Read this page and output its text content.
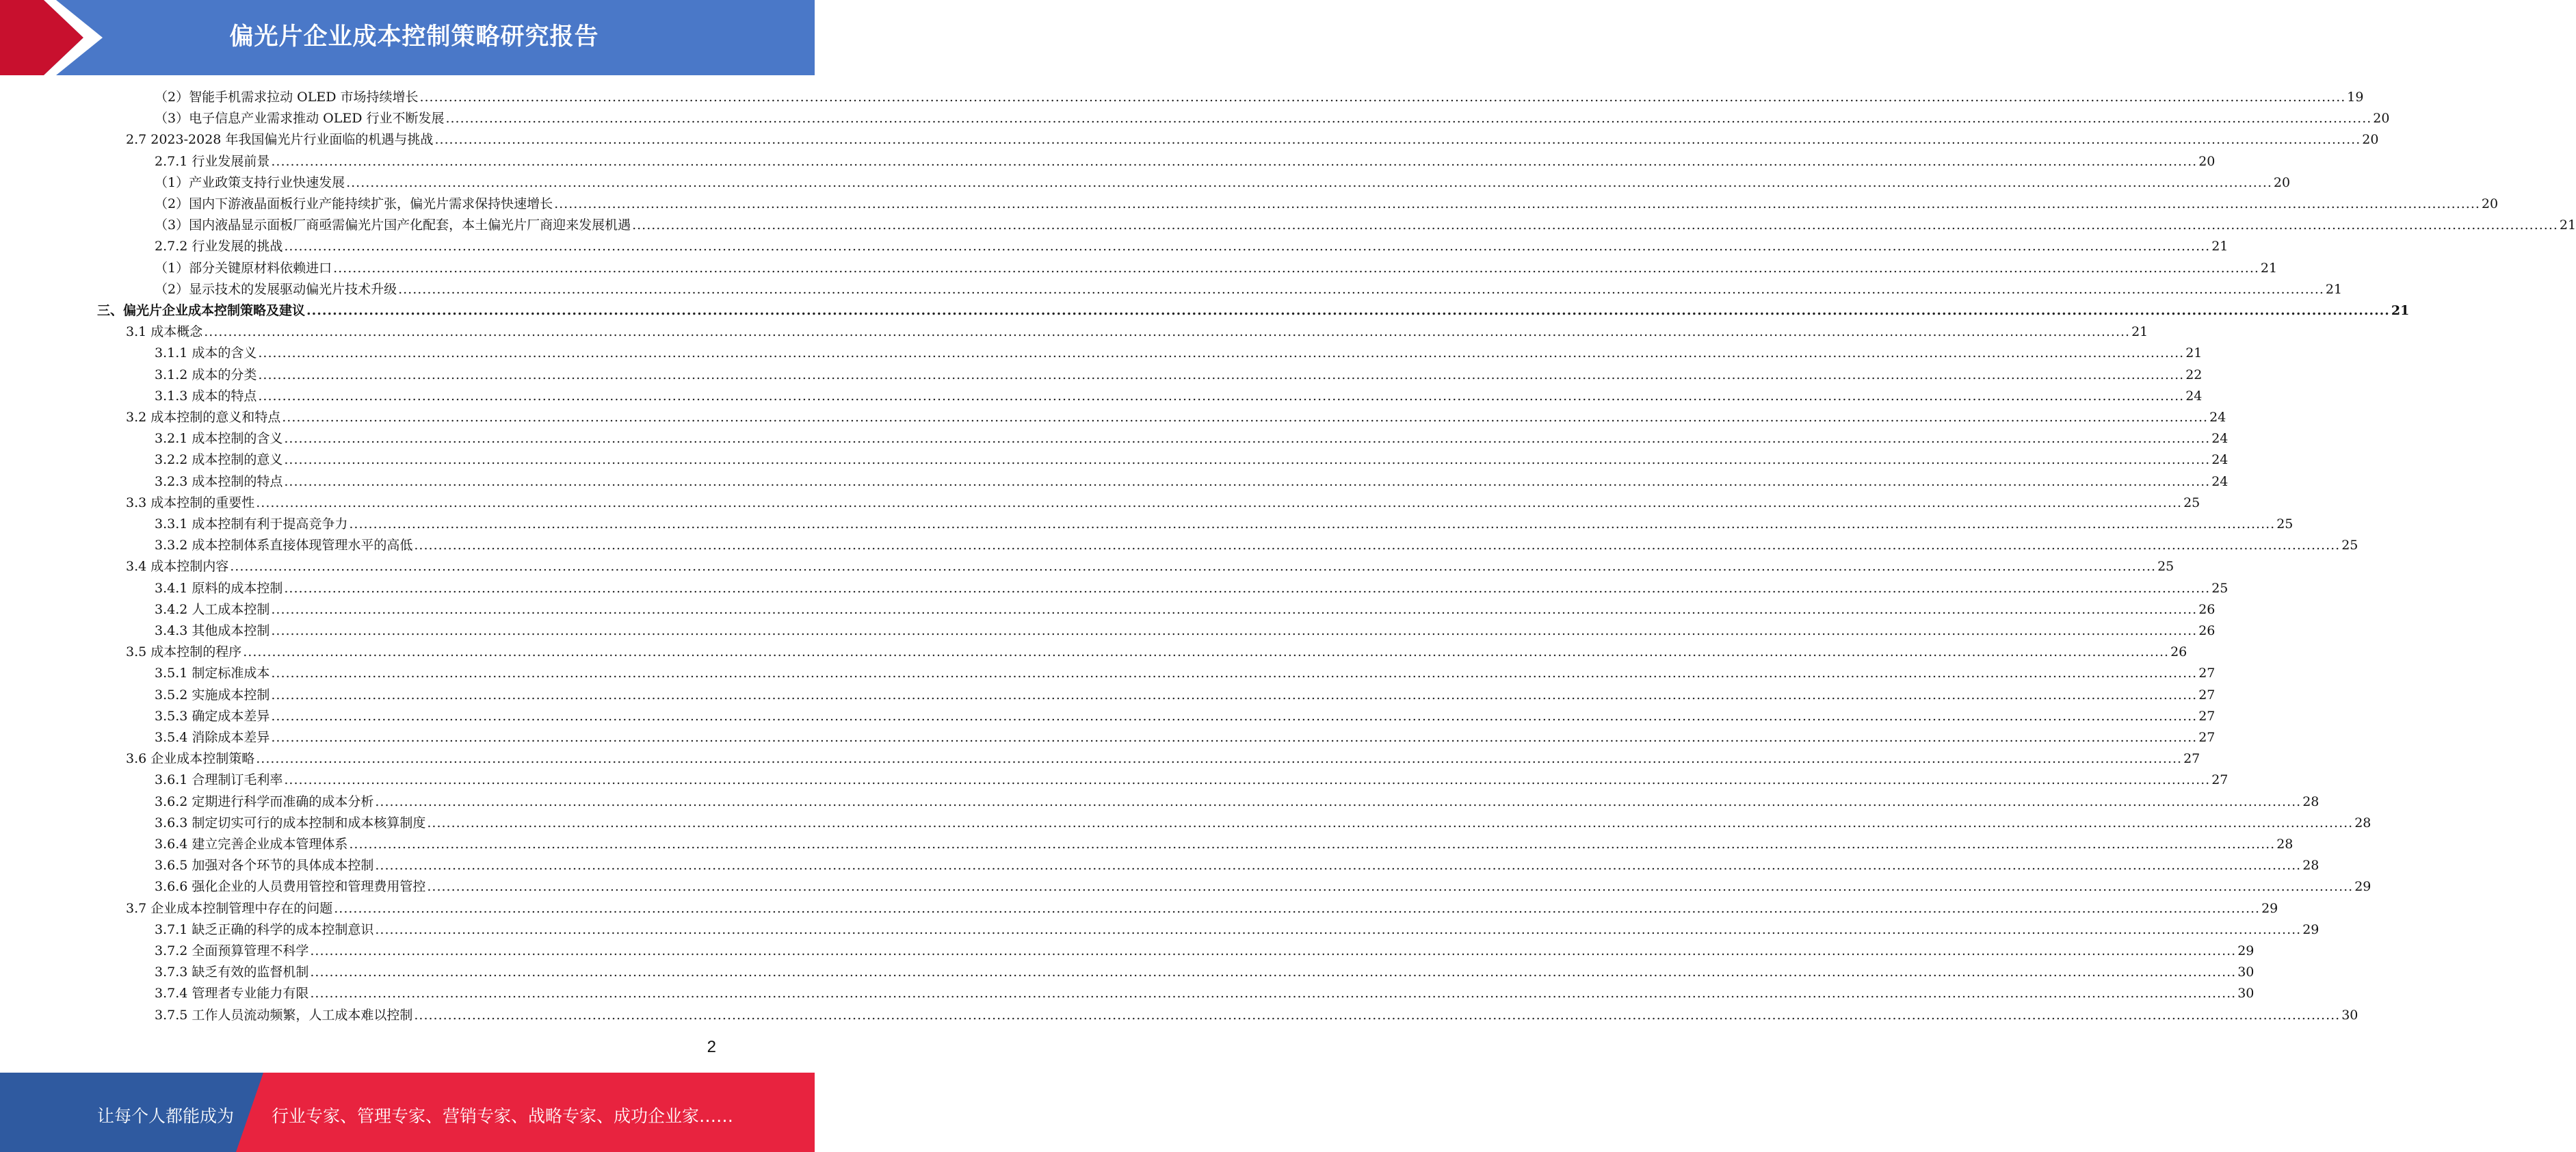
偏光片企业成本控制策略研究报告
（2）智能手机需求拉动 OLED 市场持续增长 ................................................................................................................................................................................................................................................................................................................................................................................................................ 19
（3）电子信息产业需求推动 OLED 行业不断发展 ................................................................................................................................................................................................................................................................................................................................................................................................................ 20
2.7 2023-2028 年我国偏光片行业面临的机遇与挑战 ................................................................................................................................................................................................................................................................................................................................................................................................................ 20
2.7.1 行业发展前景 ................................................................................................................................................................................................................................................................................................................................................................................................................ 20
（1）产业政策支持行业快速发展 ................................................................................................................................................................................................................................................................................................................................................................................................................ 20
（2）国内下游液晶面板行业产能持续扩张，偏光片需求保持快速增长 ................................................................................................................................................................................................................................................................................................................................................................................................................ 20
（3）国内液晶显示面板厂商亟需偏光片国产化配套，本土偏光片厂商迎来发展机遇 ................................................................................................................................................................................................................................................................................................................................................................................................................ 21
2.7.2 行业发展的挑战 ................................................................................................................................................................................................................................................................................................................................................................................................................ 21
（1）部分关键原材料依赖进口 ................................................................................................................................................................................................................................................................................................................................................................................................................ 21
（2）显示技术的发展驱动偏光片技术升级 ................................................................................................................................................................................................................................................................................................................................................................................................................ 21
三、偏光片企业成本控制策略及建议 ................................................................................................................................................................................................................................................................................................................................................................................................................ 21
3.1 成本概念 ................................................................................................................................................................................................................................................................................................................................................................................................................ 21
3.1.1 成本的含义 ................................................................................................................................................................................................................................................................................................................................................................................................................ 21
3.1.2 成本的分类 ................................................................................................................................................................................................................................................................................................................................................................................................................ 22
3.1.3 成本的特点 ................................................................................................................................................................................................................................................................................................................................................................................................................ 24
3.2 成本控制的意义和特点 ................................................................................................................................................................................................................................................................................................................................................................................................................ 24
3.2.1 成本控制的含义 ................................................................................................................................................................................................................................................................................................................................................................................................................ 24
3.2.2 成本控制的意义 ................................................................................................................................................................................................................................................................................................................................................................................................................ 24
3.2.3 成本控制的特点 ................................................................................................................................................................................................................................................................................................................................................................................................................ 24
3.3 成本控制的重要性 ................................................................................................................................................................................................................................................................................................................................................................................................................ 25
3.3.1 成本控制有利于提高竞争力 ................................................................................................................................................................................................................................................................................................................................................................................................................ 25
3.3.2 成本控制体系直接体现管理水平的高低 ................................................................................................................................................................................................................................................................................................................................................................................................................ 25
3.4 成本控制内容 ................................................................................................................................................................................................................................................................................................................................................................................................................ 25
3.4.1 原料的成本控制 ................................................................................................................................................................................................................................................................................................................................................................................................................ 25
3.4.2 人工成本控制 ................................................................................................................................................................................................................................................................................................................................................................................................................ 26
3.4.3 其他成本控制 ................................................................................................................................................................................................................................................................................................................................................................................................................ 26
3.5 成本控制的程序 ................................................................................................................................................................................................................................................................................................................................................................................................................ 26
3.5.1 制定标准成本 ................................................................................................................................................................................................................................................................................................................................................................................................................ 27
3.5.2 实施成本控制 ................................................................................................................................................................................................................................................................................................................................................................................................................ 27
3.5.3 确定成本差异 ................................................................................................................................................................................................................................................................................................................................................................................................................ 27
3.5.4 消除成本差异 ................................................................................................................................................................................................................................................................................................................................................................................................................ 27
3.6 企业成本控制策略 ................................................................................................................................................................................................................................................................................................................................................................................................................ 27
3.6.1 合理制订毛利率 ................................................................................................................................................................................................................................................................................................................................................................................................................ 27
3.6.2 定期进行科学而准确的成本分析 ................................................................................................................................................................................................................................................................................................................................................................................................................ 28
3.6.3 制定切实可行的成本控制和成本核算制度 ................................................................................................................................................................................................................................................................................................................................................................................................................ 28
3.6.4 建立完善企业成本管理体系 ................................................................................................................................................................................................................................................................................................................................................................................................................ 28
3.6.5 加强对各个环节的具体成本控制 ................................................................................................................................................................................................................................................................................................................................................................................................................ 28
3.6.6 强化企业的人员费用管控和管理费用管控 ................................................................................................................................................................................................................................................................................................................................................................................................................ 29
3.7 企业成本控制管理中存在的问题 ................................................................................................................................................................................................................................................................................................................................................................................................................ 29
3.7.1 缺乏正确的科学的成本控制意识 ................................................................................................................................................................................................................................................................................................................................................................................................................ 29
3.7.2 全面预算管理不科学 ................................................................................................................................................................................................................................................................................................................................................................................................................ 29
3.7.3 缺乏有效的监督机制 ................................................................................................................................................................................................................................................................................................................................................................................................................ 30
3.7.4 管理者专业能力有限 ................................................................................................................................................................................................................................................................................................................................................................................................................ 30
3.7.5 工作人员流动频繁，人工成本难以控制 ................................................................................................................................................................................................................................................................................................................................................................................................................ 30
2
让每个人都能成为 行业专家、管理专家、营销专家、战略专家、成功企业家……
